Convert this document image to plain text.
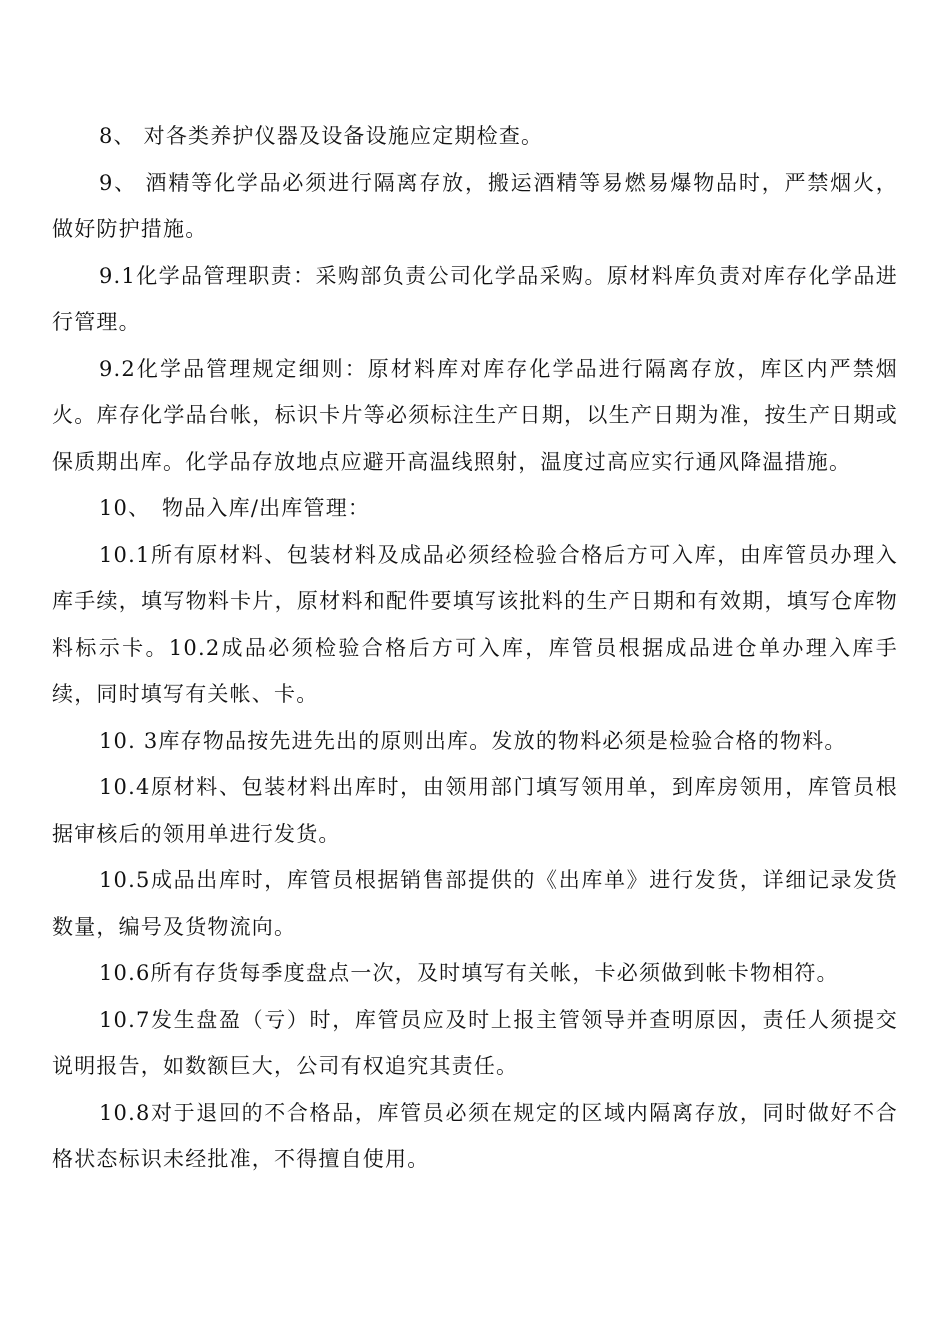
8、 对各类养护仪器及设备设施应定期检查。

9、 酒精等化学品必须进行隔离存放，搬运酒精等易燃易爆物品时，严禁烟火，做好防护措施。

9.1化学品管理职责：采购部负责公司化学品采购。原材料库负责对库存化学品进行管理。

9.2化学品管理规定细则：原材料库对库存化学品进行隔离存放，库区内严禁烟火。库存化学品台帐，标识卡片等必须标注生产日期，以生产日期为准，按生产日期或保质期出库。化学品存放地点应避开高温线照射，温度过高应实行通风降温措施。

10、　物品入库/出库管理：

10.1所有原材料、包装材料及成品必须经检验合格后方可入库，由库管员办理入库手续，填写物料卡片，原材料和配件要填写该批料的生产日期和有效期，填写仓库物料标示卡。10.2成品必须检验合格后方可入库，库管员根据成品进仓单办理入库手续，同时填写有关帐、卡。

10. 3库存物品按先进先出的原则出库。发放的物料必须是检验合格的物料。

10.4原材料、包装材料出库时，由领用部门填写领用单，到库房领用，库管员根据审核后的领用单进行发货。

10.5成品出库时，库管员根据销售部提供的《出库单》进行发货，详细记录发货数量，编号及货物流向。

10.6所有存货每季度盘点一次，及时填写有关帐，卡必须做到帐卡物相符。

10.7发生盘盈（亏）时，库管员应及时上报主管领导并查明原因，责任人须提交说明报告，如数额巨大，公司有权追究其责任。

10.8对于退回的不合格品，库管员必须在规定的区域内隔离存放，同时做好不合格状态标识未经批准，不得擅自使用。
